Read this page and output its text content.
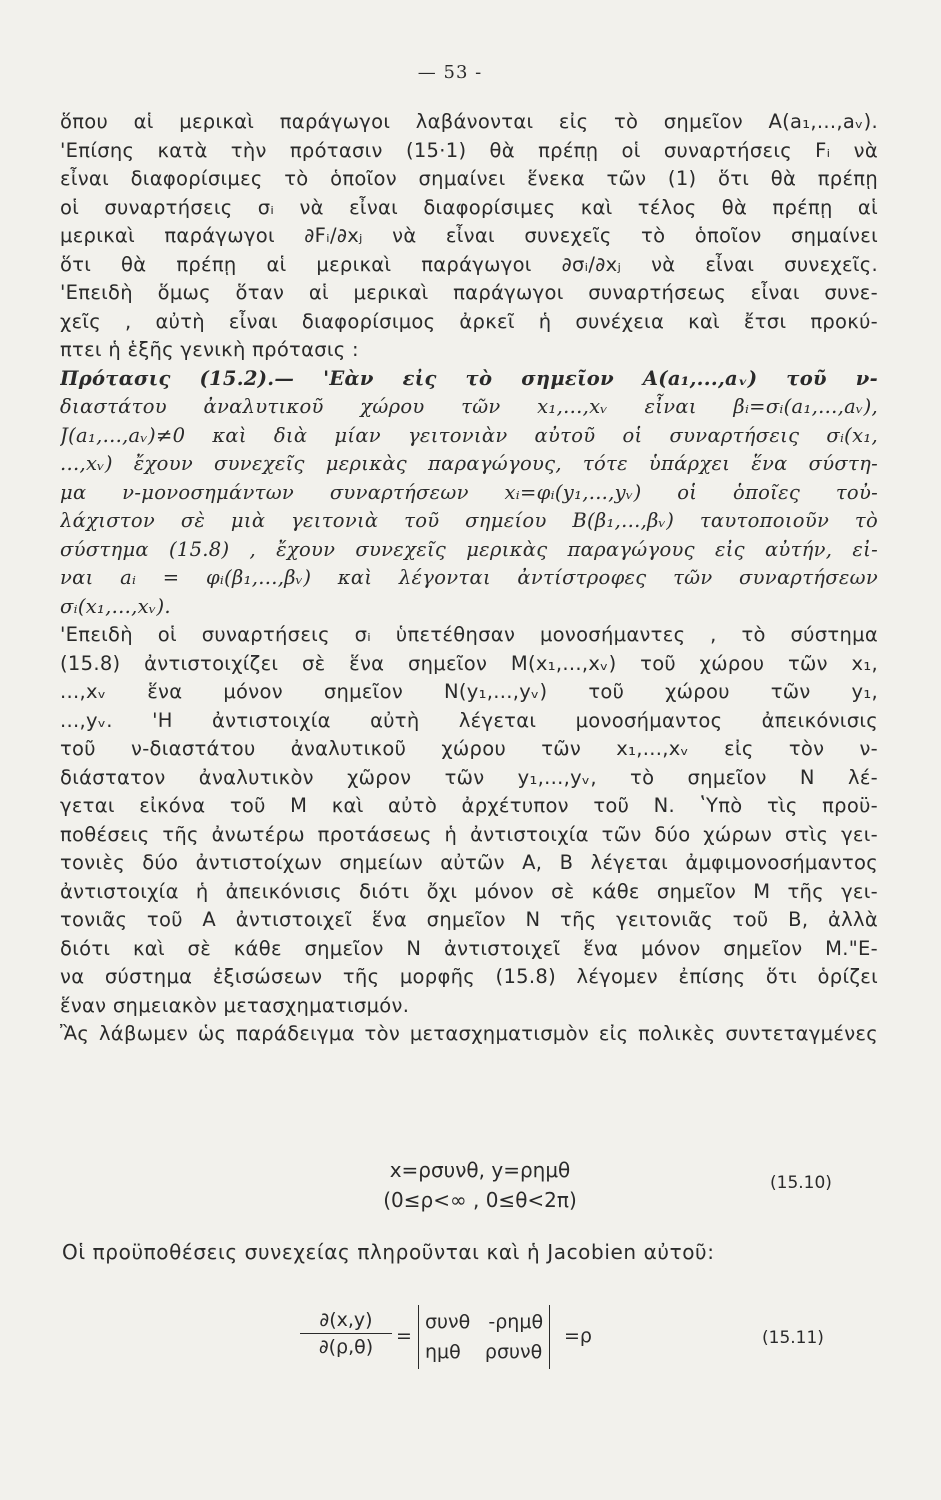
— 53 -
ὅπου αἱ μερικαὶ παράγωγοι λαβάνονται εἰς τὸ σημεῖον A(a₁,...,aᵥ).
'Επίσης κατὰ τὴν πρότασιν (15·1) θὰ πρέπῃ οἱ συναρτήσεις Fᵢ νὰ
εἶναι διαφορίσιμες τὸ ὁποῖον σημαίνει ἕνεκα τῶν (1) ὅτι θὰ πρέπῃ
οἱ συναρτήσεις σᵢ νὰ εἶναι διαφορίσιμες καὶ τέλος θὰ πρέπῃ αἱ
μερικαὶ παράγωγοι ∂Fᵢ/∂xⱼ νὰ εἶναι συνεχεῖς τὸ ὁποῖον σημαίνει
ὅτι θὰ πρέπῃ αἱ μερικαὶ παράγωγοι ∂σᵢ/∂xⱼ νὰ εἶναι συνεχεῖς.
'Επειδὴ ὅμως ὅταν αἱ μερικαὶ παράγωγοι συναρτήσεως εἶναι συνε-
χεῖς , αὐτὴ εἶναι διαφορίσιμος ἀρκεῖ ἡ συνέχεια καὶ ἔτσι προκύ-
πτει ἡ ἑξῆς γενικὴ πρότασις :
Πρότασις (15.2).— 'Εὰν εἰς τὸ σημεῖον A(a₁,...,aᵥ) τοῦ ν-
διαστάτου ἀναλυτικοῦ χώρου τῶν x₁,...,xᵥ εἶναι βᵢ=σᵢ(a₁,...,aᵥ),
J(a₁,...,aᵥ)≠0 καὶ διὰ μίαν γειτονιὰν αὐτοῦ οἱ συναρτήσεις σᵢ(x₁,
...,xᵥ) ἔχουν συνεχεῖς μερικὰς παραγώγους, τότε ὑπάρχει ἕνα σύστη-
μα ν-μονοσημάντων συναρτήσεων xᵢ=φᵢ(y₁,...,yᵥ) οἱ ὁποῖες τοὐ-
λάχιστον σὲ μιὰ γειτονιὰ τοῦ σημείου B(β₁,...,βᵥ) ταυτοποιοῦν τὸ
σύστημα (15.8) , ἔχουν συνεχεῖς μερικὰς παραγώγους εἰς αὐτήν, εἰ-
ναι aᵢ = φᵢ(β₁,...,βᵥ) καὶ λέγονται ἀντίστροφες τῶν συναρτήσεων
σᵢ(x₁,...,xᵥ).
'Επειδὴ οἱ συναρτήσεις σᵢ ὑπετέθησαν μονοσήμαντες , τὸ σύστημα
(15.8) ἀντιστοιχίζει σὲ ἕνα σημεῖον M(x₁,...,xᵥ) τοῦ χώρου τῶν x₁,
...,xᵥ ἕνα μόνον σημεῖον N(y₁,...,yᵥ) τοῦ χώρου τῶν y₁,
...,yᵥ. 'Η ἀντιστοιχία αὐτὴ λέγεται μονοσήμαντος ἀπεικόνισις
τοῦ ν-διαστάτου ἀναλυτικοῦ χώρου τῶν x₁,...,xᵥ εἰς τὸν ν-
διάστατον ἀναλυτικὸν χῶρον τῶν y₁,...,yᵥ, τὸ σημεῖον N λέ-
γεται εἰκόνα τοῦ M καὶ αὐτὸ ἀρχέτυπον τοῦ N. ʽΥπὸ τὶς προϋ-
ποθέσεις τῆς ἀνωτέρω προτάσεως ἡ ἀντιστοιχία τῶν δύο χώρων στὶς γει-
τονιὲς δύο ἀντιστοίχων σημείων αὐτῶν A, B λέγεται ἀμφιμονοσήμαντος
ἀντιστοιχία ἡ ἀπεικόνισις διότι ὄχι μόνον σὲ κάθε σημεῖον M τῆς γει-
τονιᾶς τοῦ A ἀντιστοιχεῖ ἕνα σημεῖον N τῆς γειτονιᾶς τοῦ B, ἀλλὰ
διότι καὶ σὲ κάθε σημεῖον N ἀντιστοιχεῖ ἕνα μόνον σημεῖον M."Ε-
να σύστημα ἐξισώσεων τῆς μορφῆς (15.8) λέγομεν ἐπίσης ὅτι ὁρίζει
ἕναν σημειακὸν μετασχηματισμόν.
Ἂς λάβωμεν ὡς παράδειγμα τὸν μετασχηματισμὸν εἰς πολικὲς συντεταγμένες
x=ρσυνθ, y=ρημθ
(0≤ρ<∞ , 0≤θ<2π)
(15.10)
Οἱ προϋποθέσεις συνεχείας πληροῦνται καὶ ἡ Jacobien αὐτοῦ:
$\frac{\partial(x,y)}{\partial(\rho,\theta)}$ =
συνθ   -ρημθ
ημθ    ρσυνθ
=ρ	(15.11)
